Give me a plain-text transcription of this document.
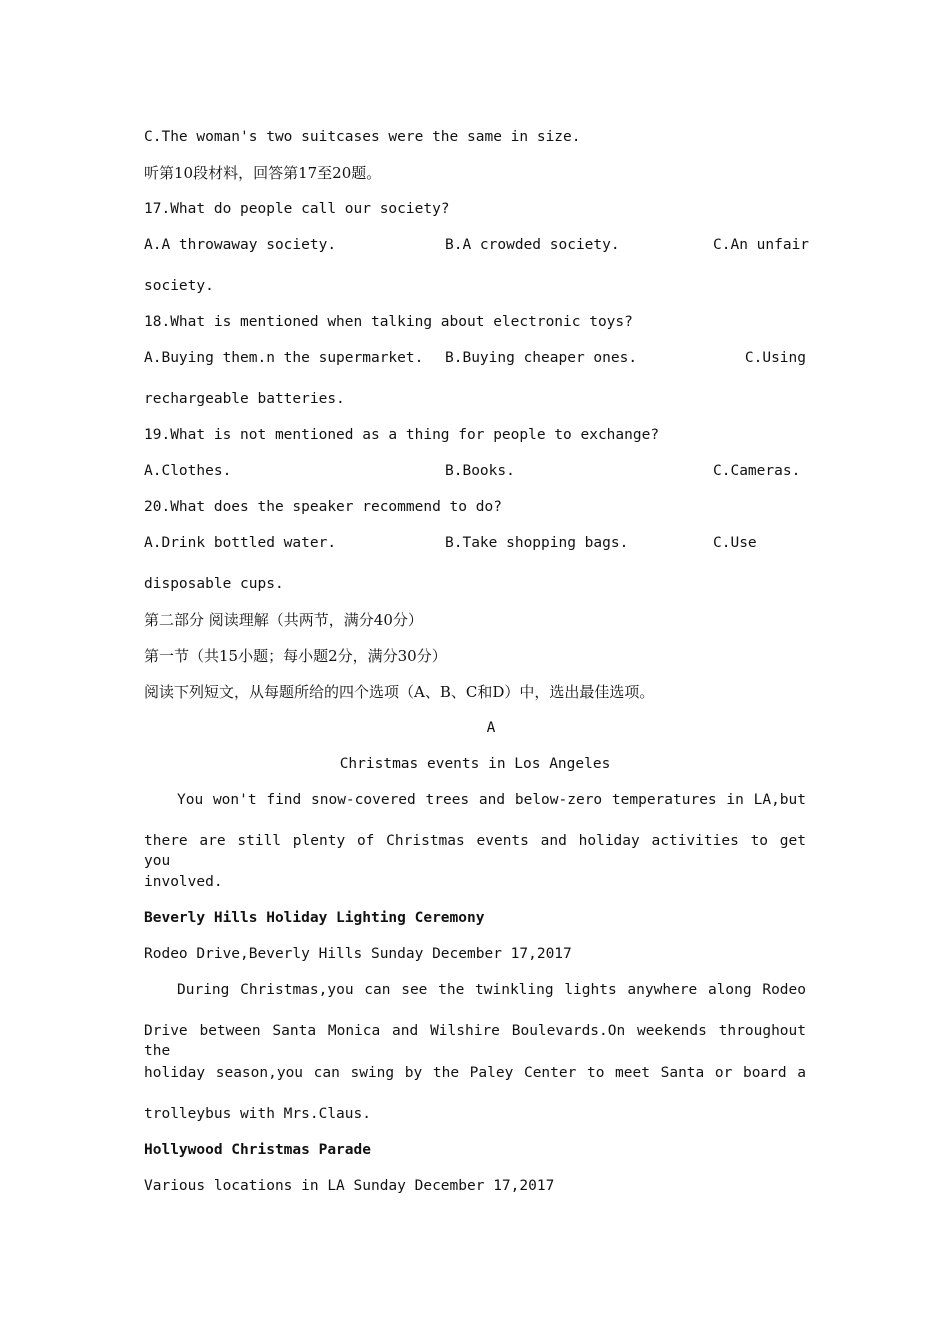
C.The woman's two suitcases were the same in size.
听第10段材料，回答第17至20题。
17.What do people call our society?
A.A throwaway society.	B.A crowded society.	C.An unfair
society.
18.What is mentioned when talking about electronic toys?
A.Buying them.n the supermarket. B.Buying cheaper ones.	C.Using
rechargeable batteries.
19.What is not mentioned as a thing for people to exchange?
A.Clothes.	B.Books.	C.Cameras.
20.What does the speaker recommend to do?
A.Drink bottled water.	B.Take shopping bags.	C.Use
disposable cups.
第二部分 阅读理解（共两节，满分40分）
第一节（共15小题；每小题2分，满分30分）
阅读下列短文，从每题所给的四个选项（A、B、C和D）中，选出最佳选项。
A
Christmas events in Los Angeles
You won't find snow-covered trees and below-zero temperatures in LA,but
there are still plenty of Christmas events and holiday activities to get you
involved.
Beverly Hills Holiday Lighting Ceremony
Rodeo Drive,Beverly Hills Sunday December 17,2017
During Christmas,you can see the twinkling lights anywhere along Rodeo
Drive between Santa Monica and Wilshire Boulevards.On weekends throughout the
holiday season,you can swing by the Paley Center to meet Santa or board a
trolleybus with Mrs.Claus.
Hollywood Christmas Parade
Various locations in LA Sunday December 17,2017
